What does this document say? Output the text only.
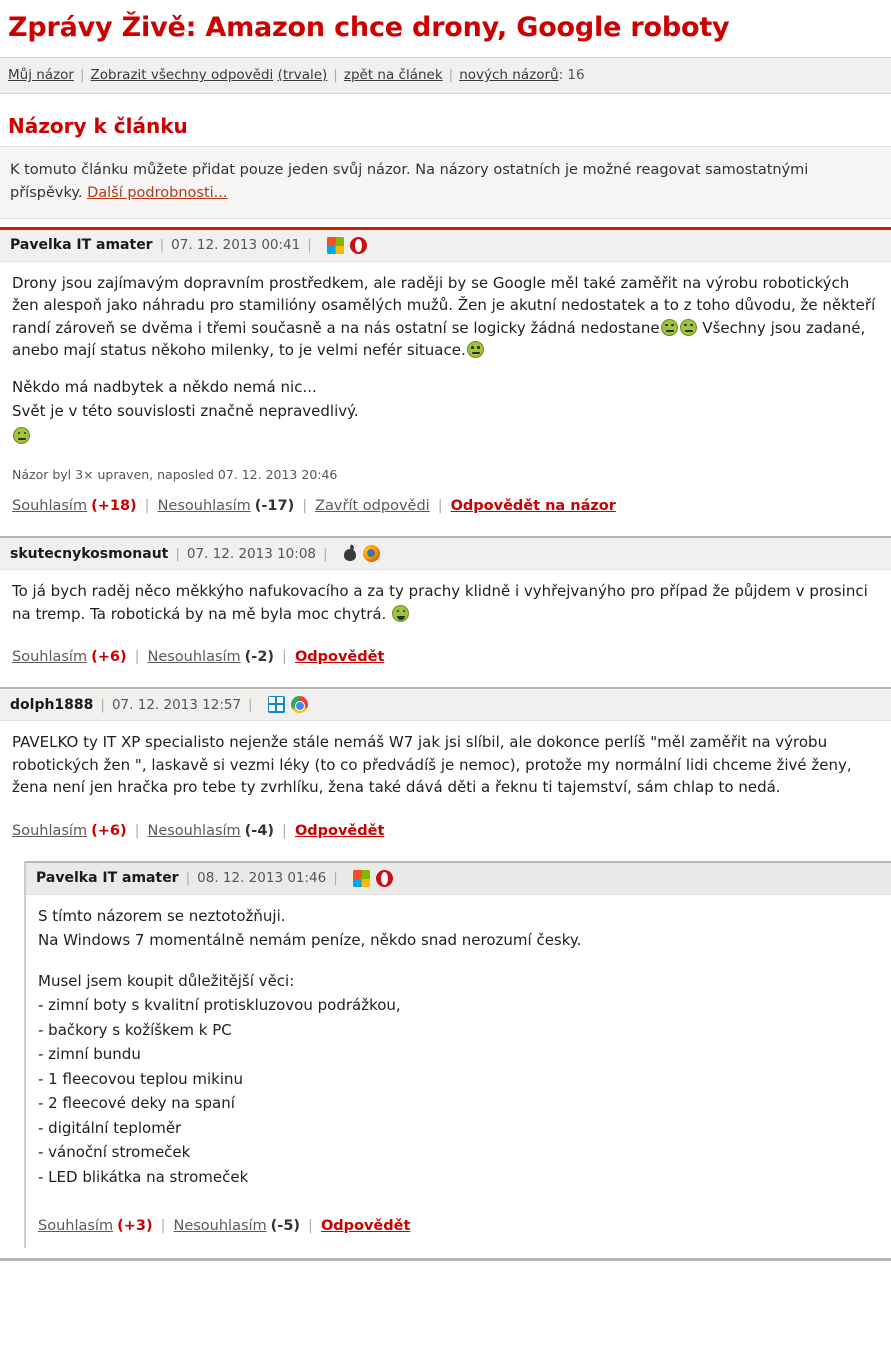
Zprávy Živě: Amazon chce drony, Google roboty
Můj názor | Zobrazit všechny odpovědi (trvale) | zpět na článek | nových názorů: 16
Názory k článku
K tomuto článku můžete přidat pouze jeden svůj názor. Na názory ostatních je možné reagovat samostatnými příspěvky. Další podrobnosti...
Pavelka IT amater | 07. 12. 2013 00:41 |

Drony jsou zajímavým dopravním prostředkem, ale raději by se Google měl také zaměřit na výrobu robotických žen alespoň jako náhradu pro stamilióny osamělých mužů. Žen je akutní nedostatek a to z toho důvodu, že někteří randí zároveň se dvěma i třemi současně a na nás ostatní se logicky žádná nedostane	Všechny jsou zadané, anebo mají status někoho milenky, to je velmi nefér situace.

Někdo má nadbytek a někdo nemá nic...

Svět je v této souvislosti značně nepravedlivý.

Názor byl 3× upraven, naposled 07. 12. 2013 20:46
Souhlasím (+18) | Nesouhlasím (-17) | Zavřít odpovědi | Odpovědět na názor
skutecnykosmonaut | 07. 12. 2013 10:08 |

To já bych raděj něco měkkýho nafukovacího a za ty prachy klidně i vyhřejvanýho pro případ že půjdem v prosinci na tremp. Ta robotická by na mě byla moc chytrá.

Souhlasím (+6) | Nesouhlasím (-2) | Odpovědět
dolph1888 | 07. 12. 2013 12:57 |

PAVELKO ty IT XP specialisto nejenže stále nemáš W7 jak jsi slíbil, ale dokonce perlíš "měl zaměřit na výrobu robotických žen ", laskavě si vezmi léky (to co předvádíš je nemoc), protože my normální lidi chceme živé ženy, žena není jen hračka pro tebe ty zvrhlíku, žena také dává děti a řeknu ti tajemství, sám chlap to nedá.

Souhlasím (+6) | Nesouhlasím (-4) | Odpovědět
Pavelka IT amater | 08. 12. 2013 01:46 |

S tímto názorem se neztotožňuji.

Na Windows 7 momentálně nemám peníze, někdo snad nerozumí česky.

Musel jsem koupit důležitější věci:

- zimní boty s kvalitní protiskluzovou podrážkou,

- bačkory s kožíškem k PC

- zimní bundu

- 1 fleecovou teplou mikinu

- 2 fleecové deky na spaní

- digitální teploměr

- vánoční stromeček

- LED blikátka na stromeček

Souhlasím (+3) | Nesouhlasím (-5) | Odpovědět
